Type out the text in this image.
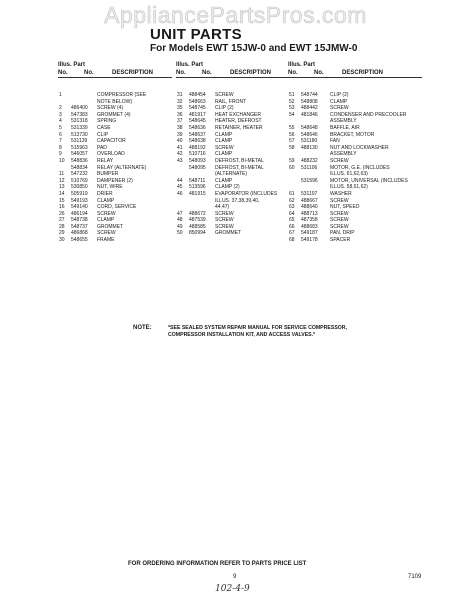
AppliancePartsPros.com
UNIT PARTS
For Models EWT 15JW-0 and EWT 15JMW-0
Illus. Part
No.	No.	DESCRIPTION
1	COMPRESSOR (SEE
NOTE BELOW)
2 486400 SCREW (4)
3 547383 GROMMET (4)
4 531318 SPRING
5 531339 CASE
6 513730 CLIP
7 531139 CAPACITOR
8 515963 PAD
9 546057 OVERLOAD
10 548836 RELAY
548834 RELAY (ALTERNATE)
11 547232 BUMPER
12 510769 DAMPENER (2)
13 530850 NUT, WIRE
14 505919 DRIER
15 549193 CLAMP
16 549140 CORD, SERVICE
26 486194 SCREW
27 548738 CLAMP
28 548737 GROMMET
29 486868 SCREW
30 548655 FRAME
Illus. Part
No.	No.	DESCRIPTION
31 488454 SCREW
32 548663 RAIL, FRONT
35 548745 CLIP (2)
36 481917 HEAT EXCHANGER
37 548645 HEATER, DEFROST
38 548636 RETAINER, HEATER
39 548637 CLAMP
40 548638 CLAMP
41 488192 SCREW
42 510716 CLAMP
43 548093 DEFROST, BI-METAL
548095 DEFROST, BI-METAL
(ALTERNATE)
44 548711 CLAMP
45 513596 CLAMP (2)
46 481915 EVAPORATOR (INCLUDES
ILLUS. 37,38,39,40,
44,47)
47 488672 SCREW
48 487539 SCREW
49 488585 SCREW
50 850994 GROMMET
Illus. Part
No.	No.	DESCRIPTION
51 548744 CLIP (2)
52 548808 CLAMP
53 488442 SCREW
54 481846 CONDENSER AND PRECOOLER
ASSEMBLY
55 548648 BAFFLE, AIR
56 548646 BRACKET, MOTOR
57 531180	FAN
58 488130 NUT AND LOCKWASHER
ASSEMBLY
59 488232 SCREW
60 531106	MOTOR, G.E. (INCLUDES
ILLUS. 61,62,63)
531596 MOTOR, UNIVERSAL (INCLUDES
ILLUS. 58,61,62)
61 531107	WASHER
62 488667 SCREW
63 488640 NUT, SPEED
64 488713 SCREW
65 487358 SCREW
66 488683 SCREW
67 549187 PAN, DRIP
68 549178 SPACER
NOTE:	*SEE SEALED SYSTEM REPAIR MANUAL FOR SERVICE COMPRESSOR, COMPRESSOR INSTALLATION KIT, AND ACCESS VALVES.*
FOR ORDERING INFORMATION REFER TO PARTS PRICE LIST
9	7109
102-4-9
